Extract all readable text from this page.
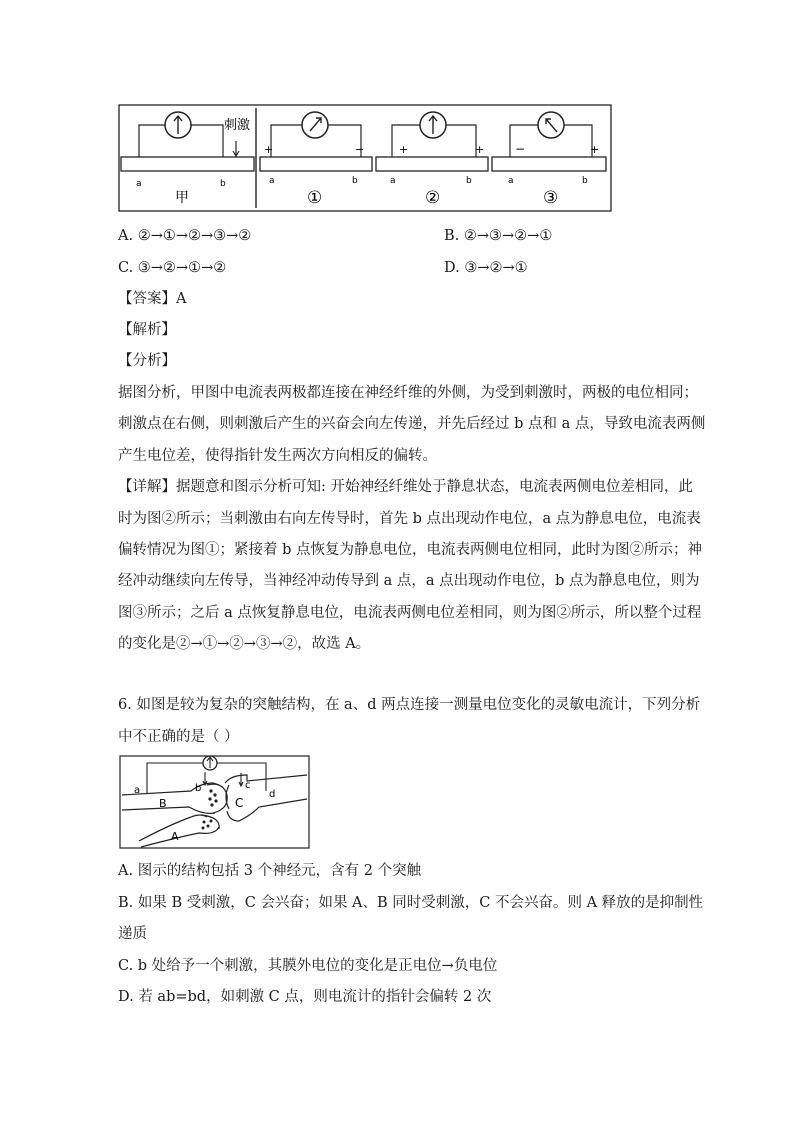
刺激
a	b
甲
+	−
a	b
①
+	+
a	b
②
−	+
a	b
③
A. ②→①→②→③→②	B. ②→③→②→①
C. ③→②→①→②	D. ③→②→①
【答案】A
【解析】
【分析】
据图分析，甲图中电流表两极都连接在神经纤维的外侧，为受到刺激时，两极的电位相同；
刺激点在右侧，则刺激后产生的兴奋会向左传递，并先后经过 b 点和 a 点，导致电流表两侧
产生电位差，使得指针发生两次方向相反的偏转。
【详解】据题意和图示分析可知: 开始神经纤维处于静息状态，电流表两侧电位差相同，此
时为图②所示；当刺激由右向左传导时，首先 b 点出现动作电位，a 点为静息电位，电流表
偏转情况为图①；紧接着 b 点恢复为静息电位，电流表两侧电位相同，此时为图②所示；神
经冲动继续向左传导，当神经冲动传导到 a 点，a 点出现动作电位，b 点为静息电位，则为
图③所示；之后 a 点恢复静息电位，电流表两侧电位差相同，则为图②所示，所以整个过程
的变化是②→①→②→③→②，故选 A。
6. 如图是较为复杂的突触结构，在 a、d 两点连接一测量电位变化的灵敏电流计，下列分析
中不正确的是（ ）
a	b	c
d
B	C
A
A. 图示的结构包括 3 个神经元，含有 2 个突触
B. 如果 B 受刺激，C 会兴奋；如果 A、B 同时受刺激，C 不会兴奋。则 A 释放的是抑制性
递质
C. b 处给予一个刺激，其膜外电位的变化是正电位→负电位
D. 若 ab=bd，如刺激 C 点，则电流计的指针会偏转 2 次
